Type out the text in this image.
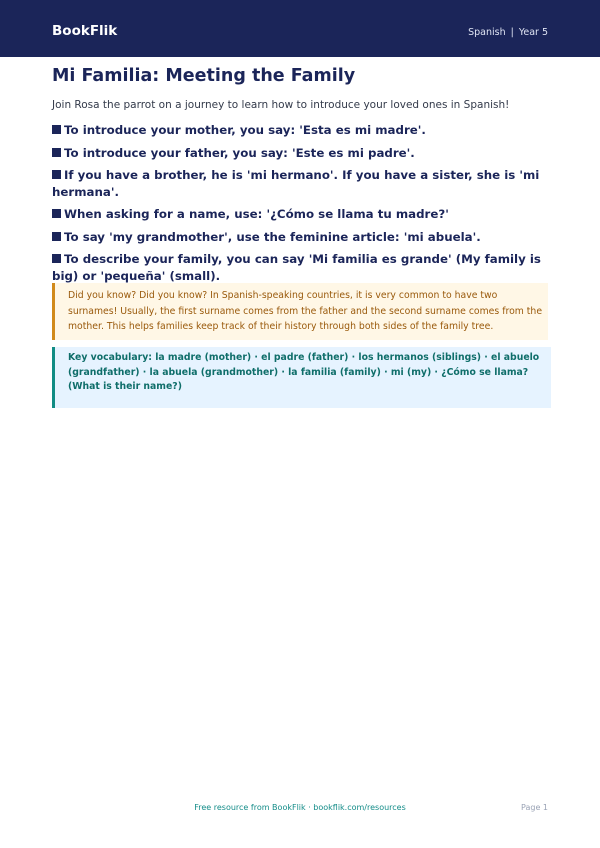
BookFlik	Spanish | Year 5
Mi Familia: Meeting the Family

Join Rosa the parrot on a journey to learn how to introduce your loved ones in Spanish!

To introduce your mother, you say: 'Esta es mi madre'.
To introduce your father, you say: 'Este es mi padre'.
If you have a brother, he is 'mi hermano'. If you have a sister, she is 'mi hermana'.
When asking for a name, use: '¿Cómo se llama tu madre?'
To say 'my grandmother', use the feminine article: 'mi abuela'.
To describe your family, you can say 'Mi familia es grande' (My family is big) or 'pequeña' (small).
Did you know? Did you know? In Spanish-speaking countries, it is very common to have two surnames! Usually, the first surname comes from the father and the second surname comes from the mother. This helps families keep track of their history through both sides of the family tree.
Key vocabulary: la madre (mother) · el padre (father) · los hermanos (siblings) · el abuelo (grandfather) · la abuela (grandmother) · la familia (family) · mi (my) · ¿Cómo se llama? (What is their name?)
Free resource from BookFlik · bookflik.com/resources	Page 1
